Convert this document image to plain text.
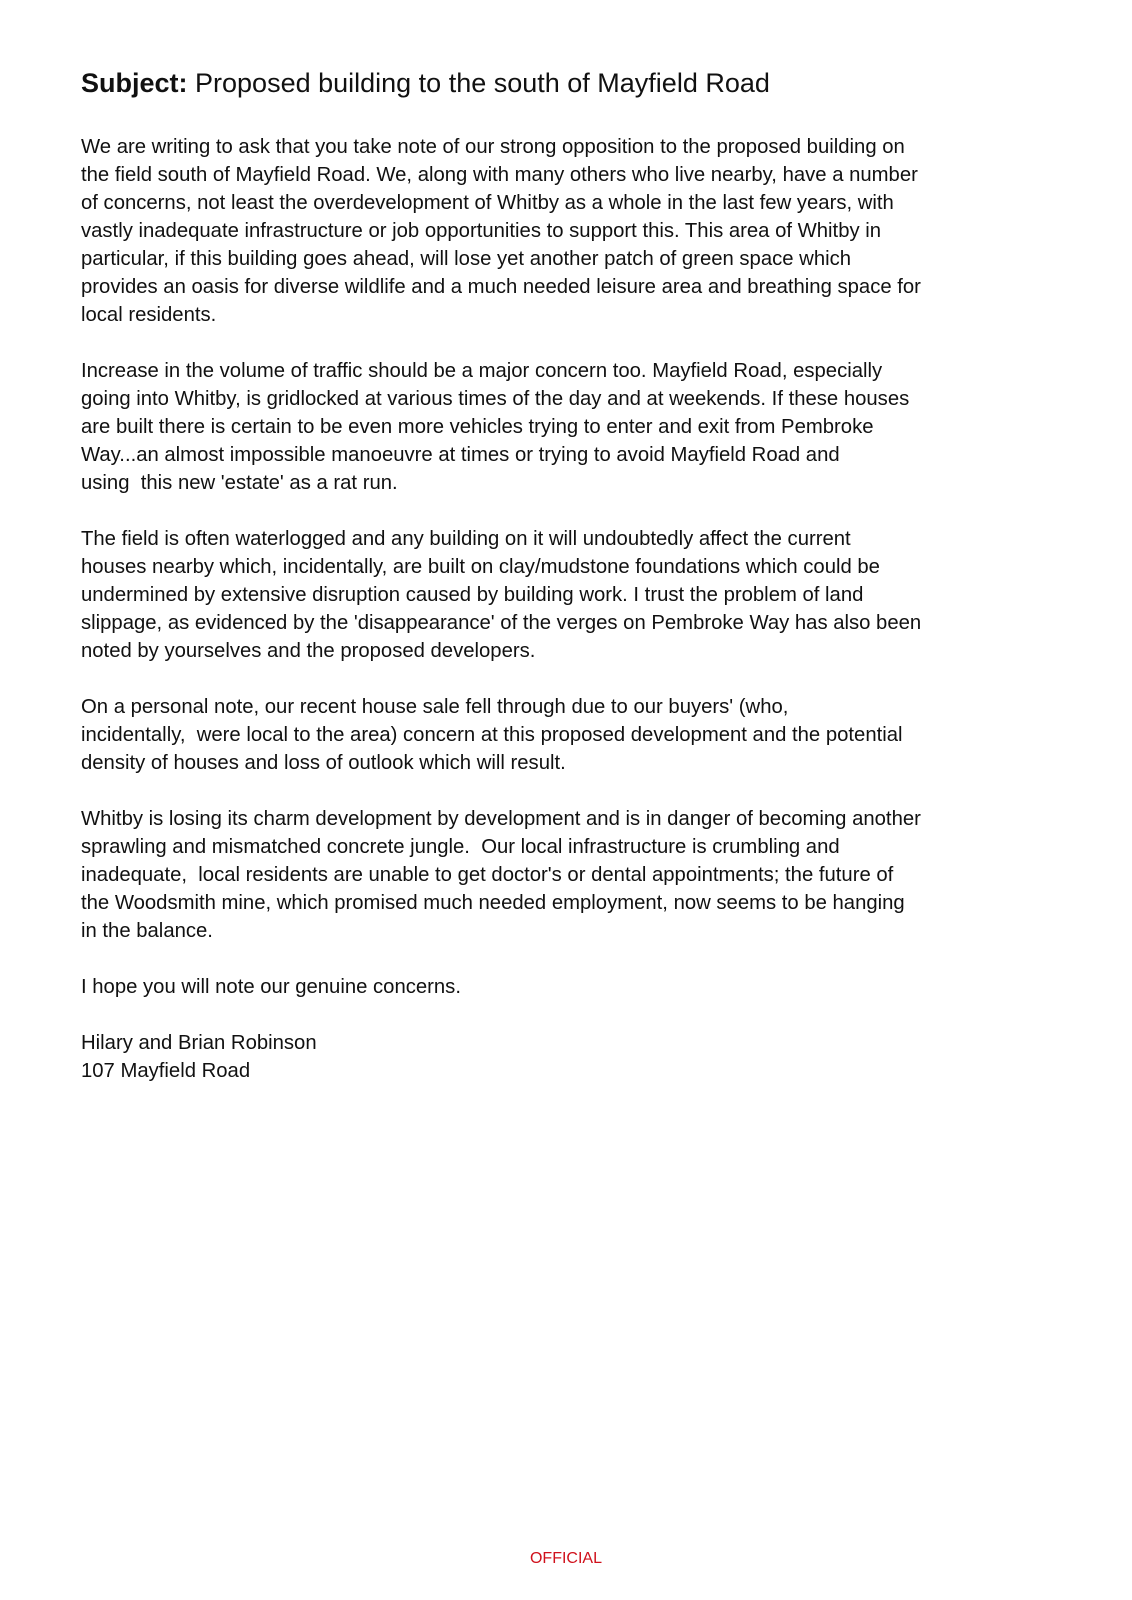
Subject: Proposed building to the south of Mayfield Road
We are writing to ask that you take note of our strong opposition to the proposed building on
the field south of Mayfield Road. We, along with many others who live nearby, have a number
of concerns, not least the overdevelopment of Whitby as a whole in the last few years, with
vastly inadequate infrastructure or job opportunities to support this. This area of Whitby in
particular, if this building goes ahead, will lose yet another patch of green space which
provides an oasis for diverse wildlife and a much needed leisure area and breathing space for
local residents.
Increase in the volume of traffic should be a major concern too. Mayfield Road, especially
going into Whitby, is gridlocked at various times of the day and at weekends. If these houses
are built there is certain to be even more vehicles trying to enter and exit from Pembroke
Way...an almost impossible manoeuvre at times or trying to avoid Mayfield Road and
using  this new 'estate' as a rat run.
The field is often waterlogged and any building on it will undoubtedly affect the current
houses nearby which, incidentally, are built on clay/mudstone foundations which could be
undermined by extensive disruption caused by building work. I trust the problem of land
slippage, as evidenced by the 'disappearance' of the verges on Pembroke Way has also been
noted by yourselves and the proposed developers.
On a personal note, our recent house sale fell through due to our buyers' (who,
incidentally,  were local to the area) concern at this proposed development and the potential
density of houses and loss of outlook which will result.
Whitby is losing its charm development by development and is in danger of becoming another
sprawling and mismatched concrete jungle.  Our local infrastructure is crumbling and
inadequate,  local residents are unable to get doctor's or dental appointments; the future of
the Woodsmith mine, which promised much needed employment, now seems to be hanging
in the balance.
I hope you will note our genuine concerns.
Hilary and Brian Robinson
107 Mayfield Road
OFFICIAL
